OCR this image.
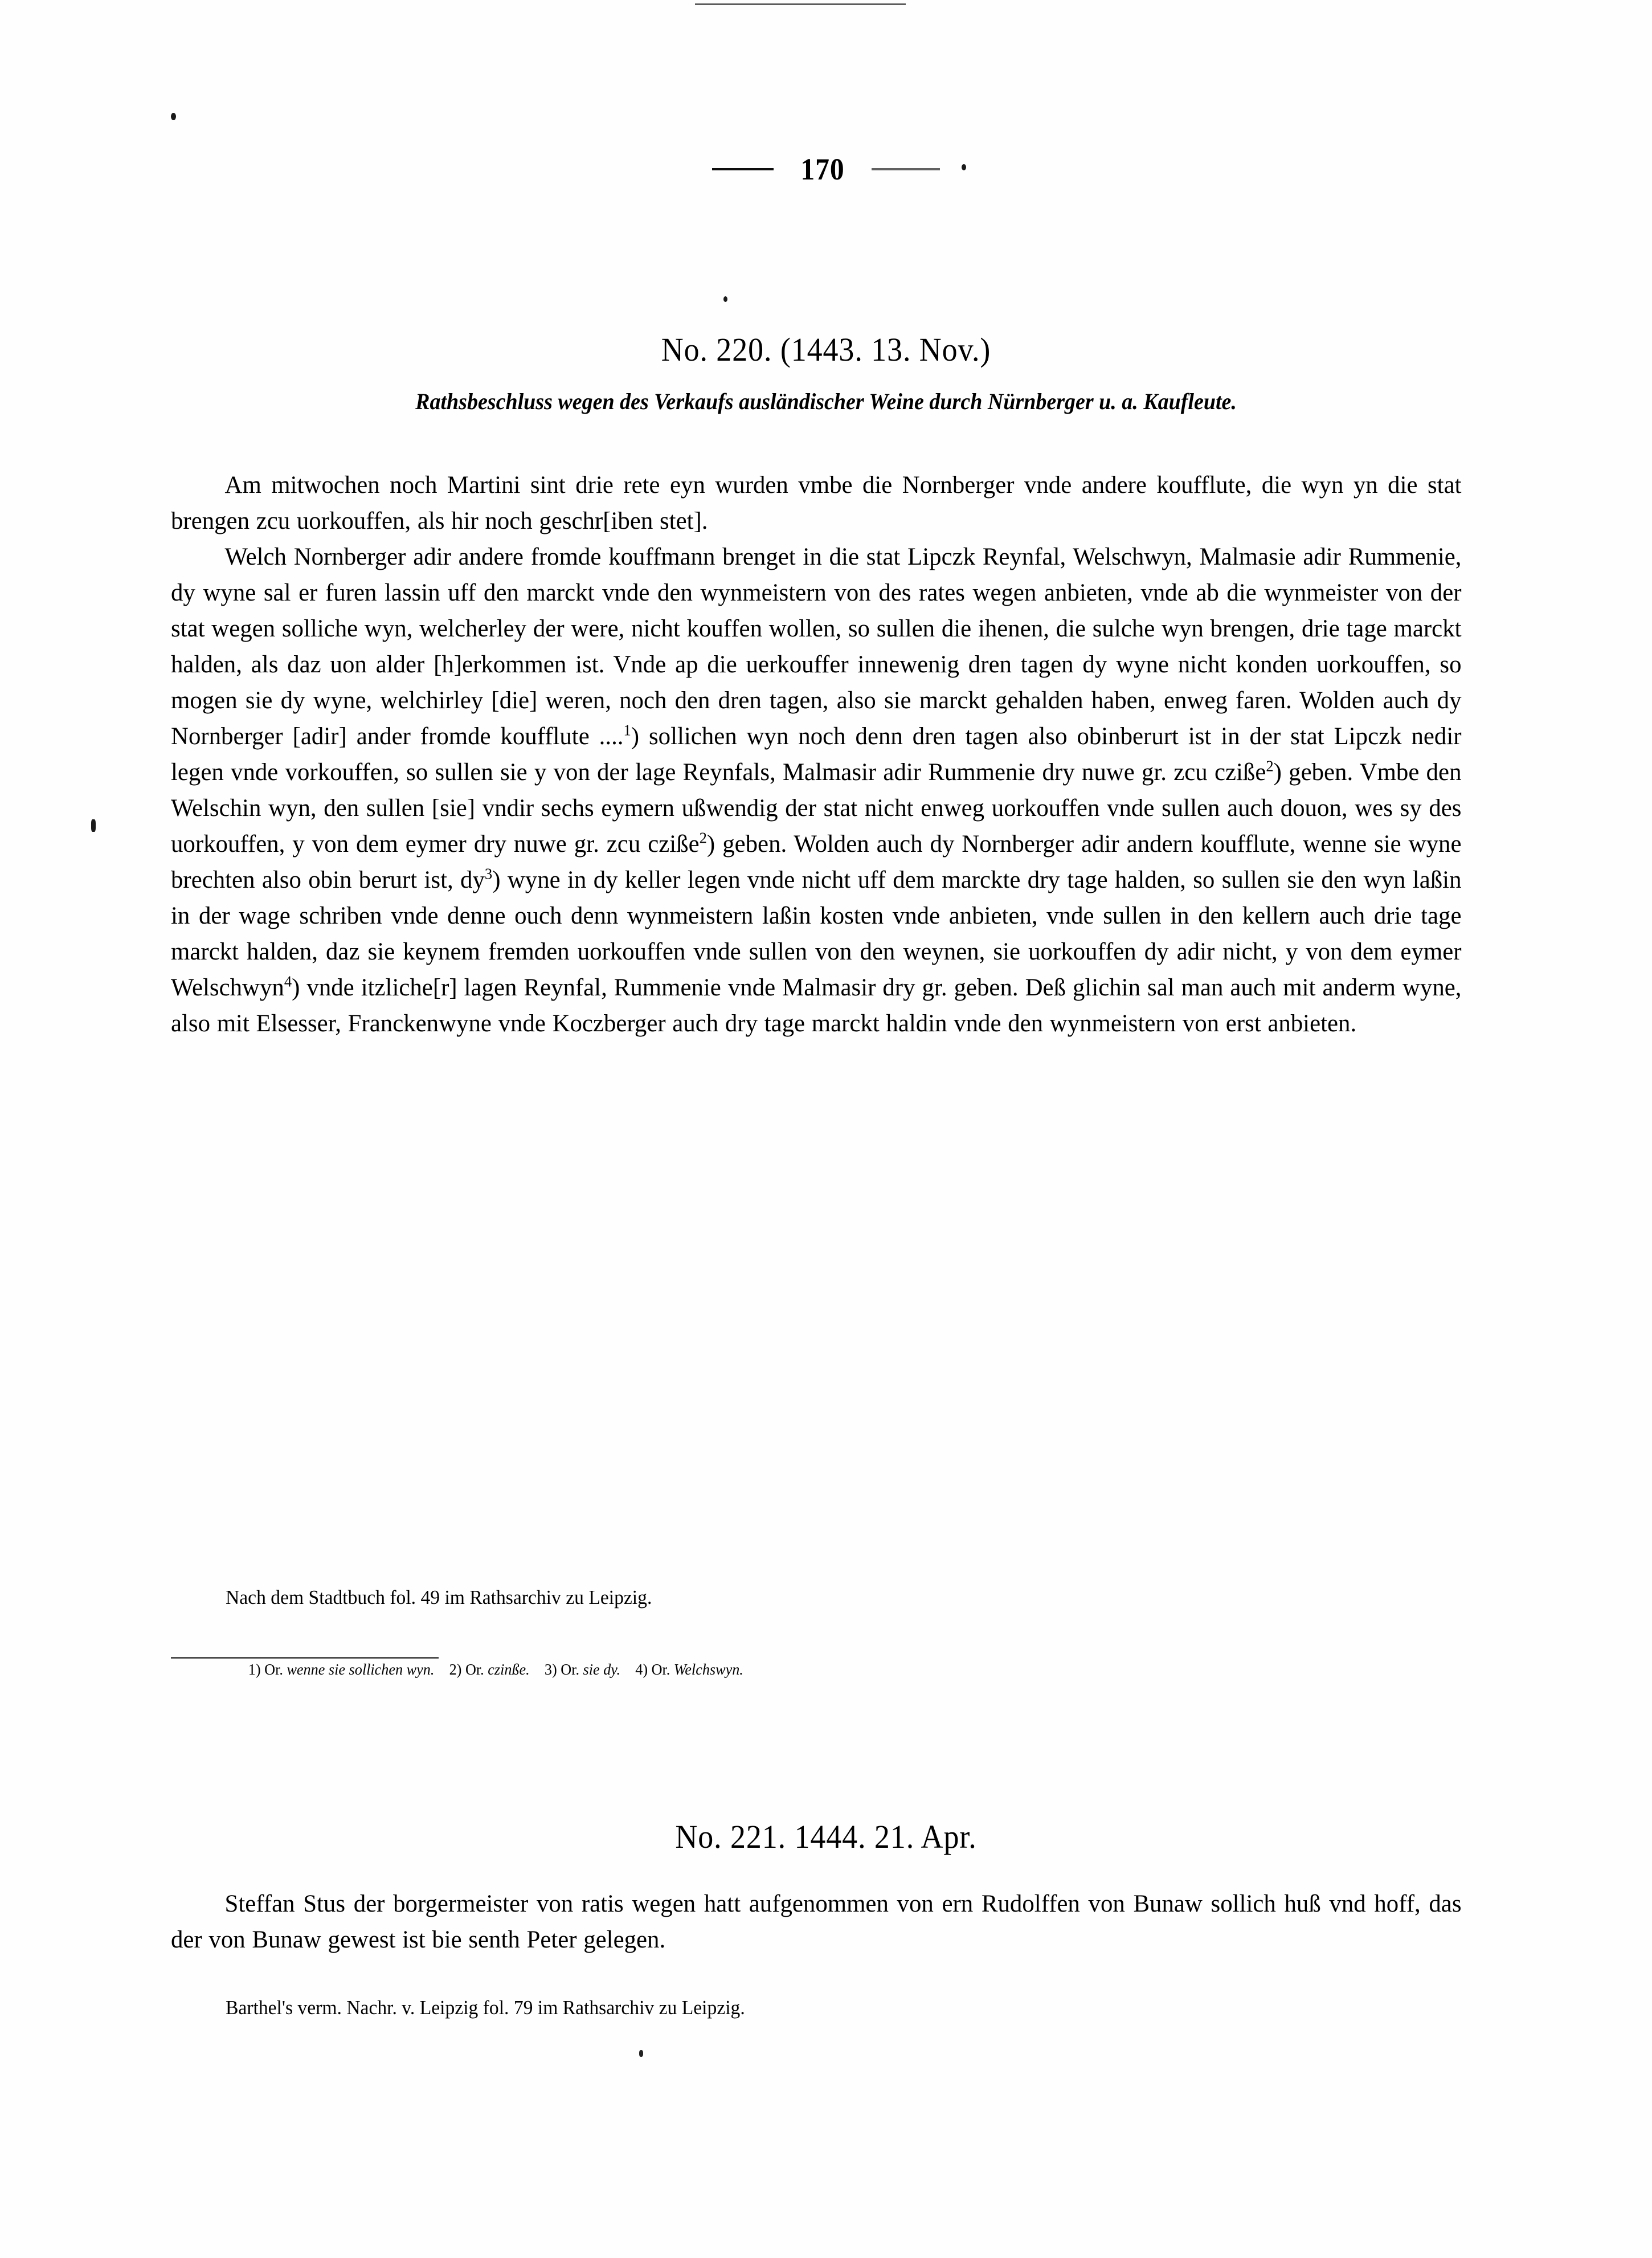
170
No. 220. (1443. 13. Nov.)

Rathsbeschluss wegen des Verkaufs ausländischer Weine durch Nürnberger u. a. Kaufleute.

Am mitwochen noch Martini sint drie rete eyn wurden vmbe die Nornberger vnde andere koufflute, die wyn yn die stat brengen zcu uorkouffen, als hir noch geschr[iben stet].

Welch Nornberger adir andere fromde kouffmann brenget in die stat Lipczk Reynfal, Welschwyn, Malmasie adir Rummenie, dy wyne sal er furen lassin uff den marckt vnde den wynmeistern von des rates wegen anbieten, vnde ab die wynmeister von der stat wegen solliche wyn, welcherley der were, nicht kouffen wollen, so sullen die ihenen, die sulche wyn brengen, drie tage marckt halden, als daz uon alder [h]erkommen ist. Vnde ap die uerkouffer innewenig dren tagen dy wyne nicht konden uorkouffen, so mogen sie dy wyne, welchirley [die] weren, noch den dren tagen, also sie marckt gehalden haben, enweg faren. Wolden auch dy Nornberger [adir] ander fromde koufflute ....$^1$) sollichen wyn noch denn dren tagen also obinberurt ist in der stat Lipczk nedir legen vnde vorkouffen, so sullen sie y von der lage Reynfals, Malmasir adir Rummenie dry nuwe gr. zcu cziße$^2$) geben. Vmbe den Welschin wyn, den sullen [sie] vndir sechs eymern ußwendig der stat nicht enweg uorkouffen vnde sullen auch douon, wes sy des uorkouffen, y von dem eymer dry nuwe gr. zcu cziße$^2$) geben. Wolden auch dy Nornberger adir andern koufflute, wenne sie wyne brechten also obin berurt ist, $dy^3$) wyne in dy keller legen vnde nicht uff dem marckte dry tage halden, so sullen sie den wyn laßin in der wage schriben vnde denne ouch denn wynmeistern laßin kosten vnde anbieten, vnde sullen in den kellern auch drie tage marckt halden, daz sie keynem fremden uorkouffen vnde sullen von den weynen, sie uorkouffen dy adir nicht, y von dem eymer Welschwyn$^4$) vnde itzliche[r] lagen Reynfal, Rummenie vnde Malmasir dry gr. geben. Deß glichin sal man auch mit anderm wyne, also mit Elsesser, Franckenwyne vnde Koczberger auch dry tage marckt haldin vnde den wynmeistern von erst anbieten.

Nach dem Stadtbuch fol. 49 im Rathsarchiv zu Leipzig.

1) Or. wenne sie sollichen wyn. 2) Or. czinße. 3) Or. sie dy. 4) Or. Welchswyn.

No. 221. 1444. 21. Apr.

Steffan Stus der borgermeister von ratis wegen hatt aufgenommen von ern Rudolffen von Bunaw sollich huß vnd hoff, das der von Bunaw gewest ist bie senth Peter gelegen.

Barthel's verm. Nachr. v. Leipzig fol. 79 im Rathsarchiv zu Leipzig.
